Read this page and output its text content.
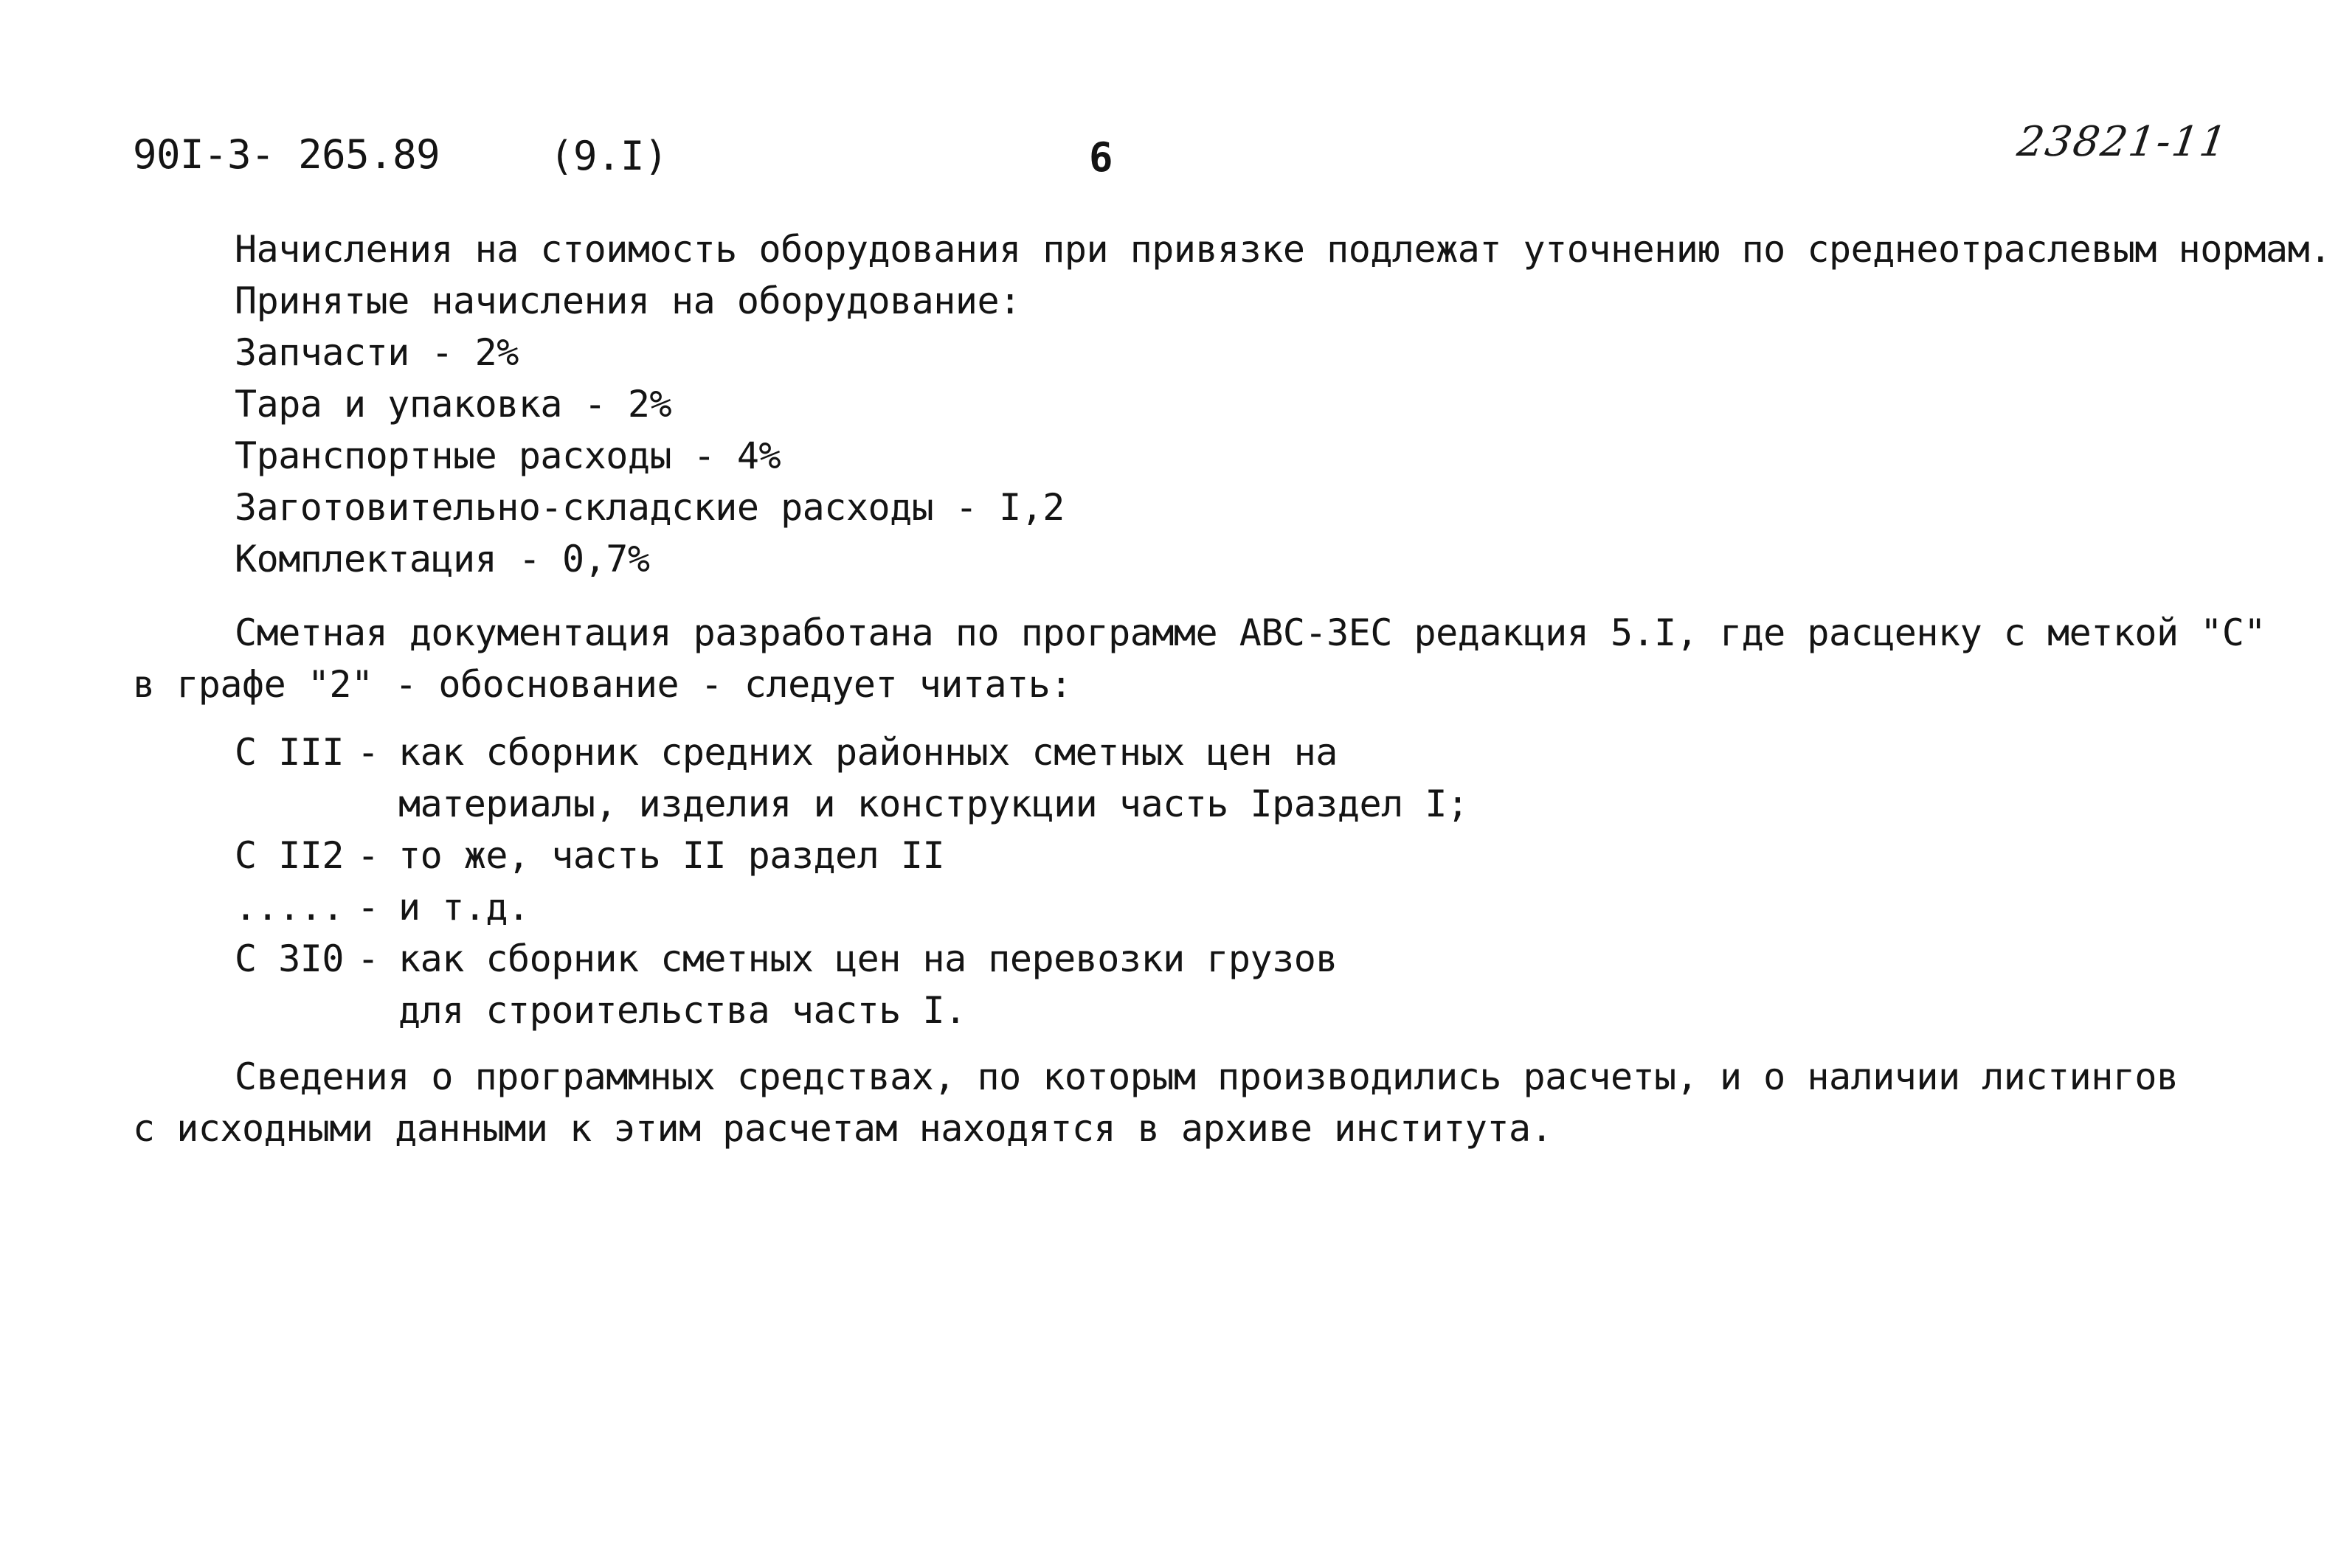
90I-3- 265.89	(9.I)	6	23821-11
Начисления на стоимость оборудования при привязке подлежат уточнению по среднеотраслевым нормам.
Принятые начисления на оборудование:
Запчасти - 2%
Тара и упаковка - 2%
Транспортные расходы - 4%
Заготовительно-складские расходы - I,2
Комплектация - 0,7%
Сметная документация разработана по программе АВС-ЗЕС редакция 5.I, где расценку с меткой "С"
в графе "2" - обоснование - следует читать:
С III - как сборник средних районных сметных цен на
материалы, изделия и конструкции часть Iраздел I;
С II2 - то же, часть II раздел II
..... - и т.д.
С 3I0 - как сборник сметных цен на перевозки грузов
для строительства часть I.
Сведения о программных средствах, по которым производились расчеты, и о наличии листингов
с исходными данными к этим расчетам находятся в архиве института.
